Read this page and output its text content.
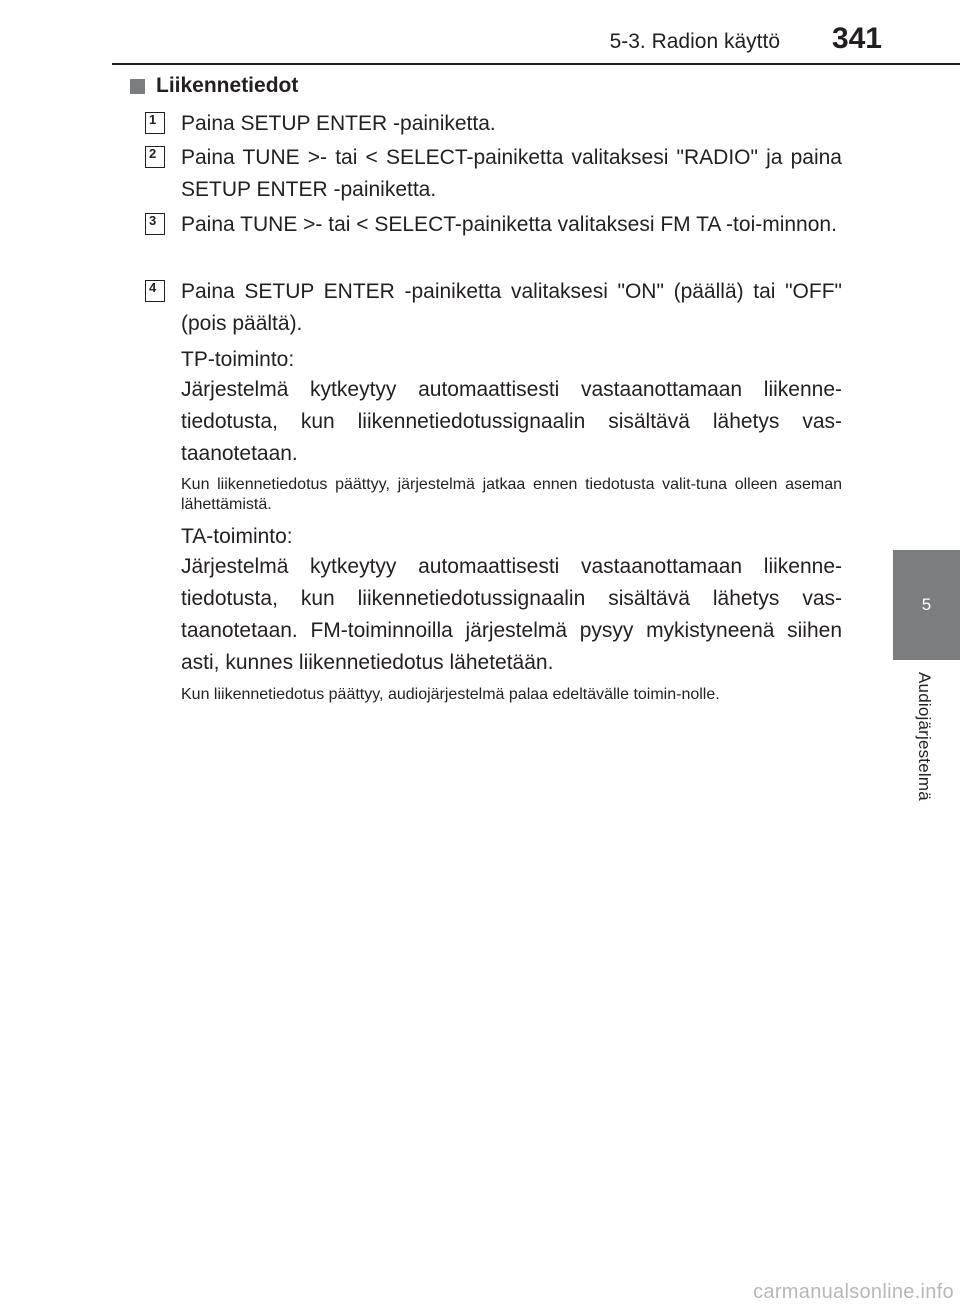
5-3. Radion käyttö 341
5
Audiojärjestelmä
Liikennetiedot
1	Paina SETUP ENTER -painiketta.
2	Paina TUNE >- tai < SELECT-painiketta valitaksesi "RADIO" ja paina SETUP ENTER -painiketta.
3	Paina TUNE >- tai < SELECT-painiketta valitaksesi FM TA -toi-minnon.
4	Paina SETUP ENTER -painiketta valitaksesi "ON" (päällä) tai "OFF" (pois päältä).
TP-toiminto:
Järjestelmä kytkeytyy automaattisesti vastaanottamaan liikenne-tiedotusta, kun liikennetiedotussignaalin sisältävä lähetys vas-taanotetaan.
Kun liikennetiedotus päättyy, järjestelmä jatkaa ennen tiedotusta valit-tuna olleen aseman lähettämistä.
TA-toiminto:
Järjestelmä kytkeytyy automaattisesti vastaanottamaan liikenne-tiedotusta, kun liikennetiedotussignaalin sisältävä lähetys vas-taanotetaan. FM-toiminnoilla järjestelmä pysyy mykistyneenä siihen asti, kunnes liikennetiedotus lähetetään.
Kun liikennetiedotus päättyy, audiojärjestelmä palaa edeltävälle toimin-nolle.
carmanualsonline.info
